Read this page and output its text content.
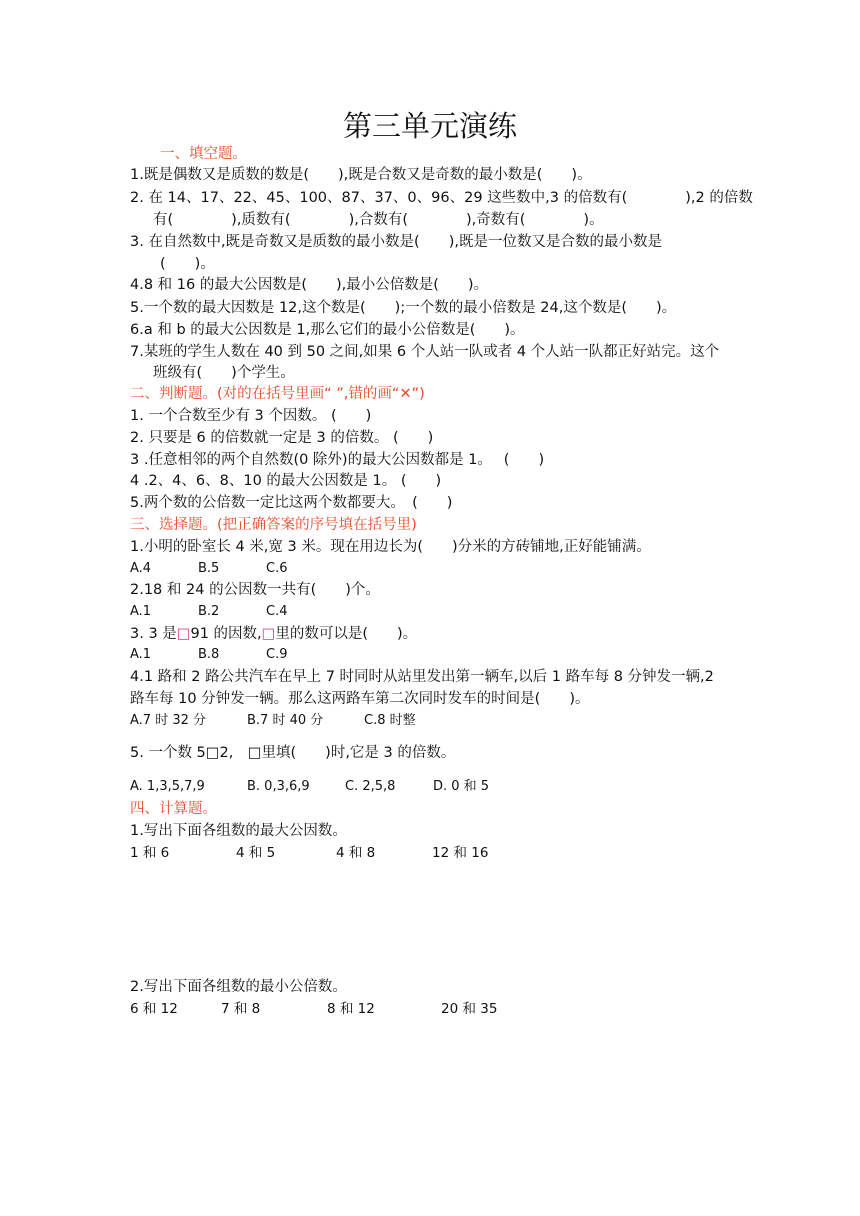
第三单元演练
一、填空题。
1.既是偶数又是质数的数是(　　),既是合数又是奇数的最小数是(　　)。
2. 在 14、17、22、45、100、87、37、0、96、29 这些数中,3 的倍数有(　　　　),2 的倍数
有(　　　　),质数有(　　　　),合数有(　　　　),奇数有(　　　　)。
3. 在自然数中,既是奇数又是质数的最小数是(　　),既是一位数又是合数的最小数是
(　　)。
4.8 和 16 的最大公因数是(　　),最小公倍数是(　　)。
5.一个数的最大因数是 12,这个数是(　　);一个数的最小倍数是 24,这个数是(　　)。
6.a 和 b 的最大公因数是 1,那么它们的最小公倍数是(　　)。
7.某班的学生人数在 40 到 50 之间,如果 6 个人站一队或者 4 个人站一队都正好站完。这个
班级有(　　)个学生。
二、判断题。(对的在括号里画“ ”,错的画“✕”)
1. 一个合数至少有 3 个因数。 (　　)
2. 只要是 6 的倍数就一定是 3 的倍数。 (　　)
3 .任意相邻的两个自然数(0 除外)的最大公因数都是 1。　 (　　)
4 .2、4、6、8、10 的最大公因数是 1。 (　　)
5.两个数的公倍数一定比这两个数都要大。　(　　)
三、选择题。(把正确答案的序号填在括号里)
1.小明的卧室长 4 米,宽 3 米。现在用边长为(　　)分米的方砖铺地,正好能铺满。
A.4	B.5	C.6
2.18 和 24 的公因数一共有(　　)个。
A.1	B.2	C.4
3. 3 是□91 的因数,□里的数可以是(　　)。
A.1	B.8	C.9
4.1 路和 2 路公共汽车在早上 7 时同时从站里发出第一辆车,以后 1 路车每 8 分钟发一辆,2
路车每 10 分钟发一辆。那么这两路车第二次同时发车的时间是(　　)。
A.7 时 32 分	B.7 时 40 分	C.8 时整
5. 一个数 5□2,　□里填(　　)时,它是 3 的倍数。
A. 1,3,5,7,9	B. 0,3,6,9	C. 2,5,8	D. 0 和 5
四、计算题。
1.写出下面各组数的最大公因数。
1 和 6	4 和 5	4 和 8	12 和 16
2.写出下面各组数的最小公倍数。
6 和 12	7 和 8	8 和 12	20 和 35
